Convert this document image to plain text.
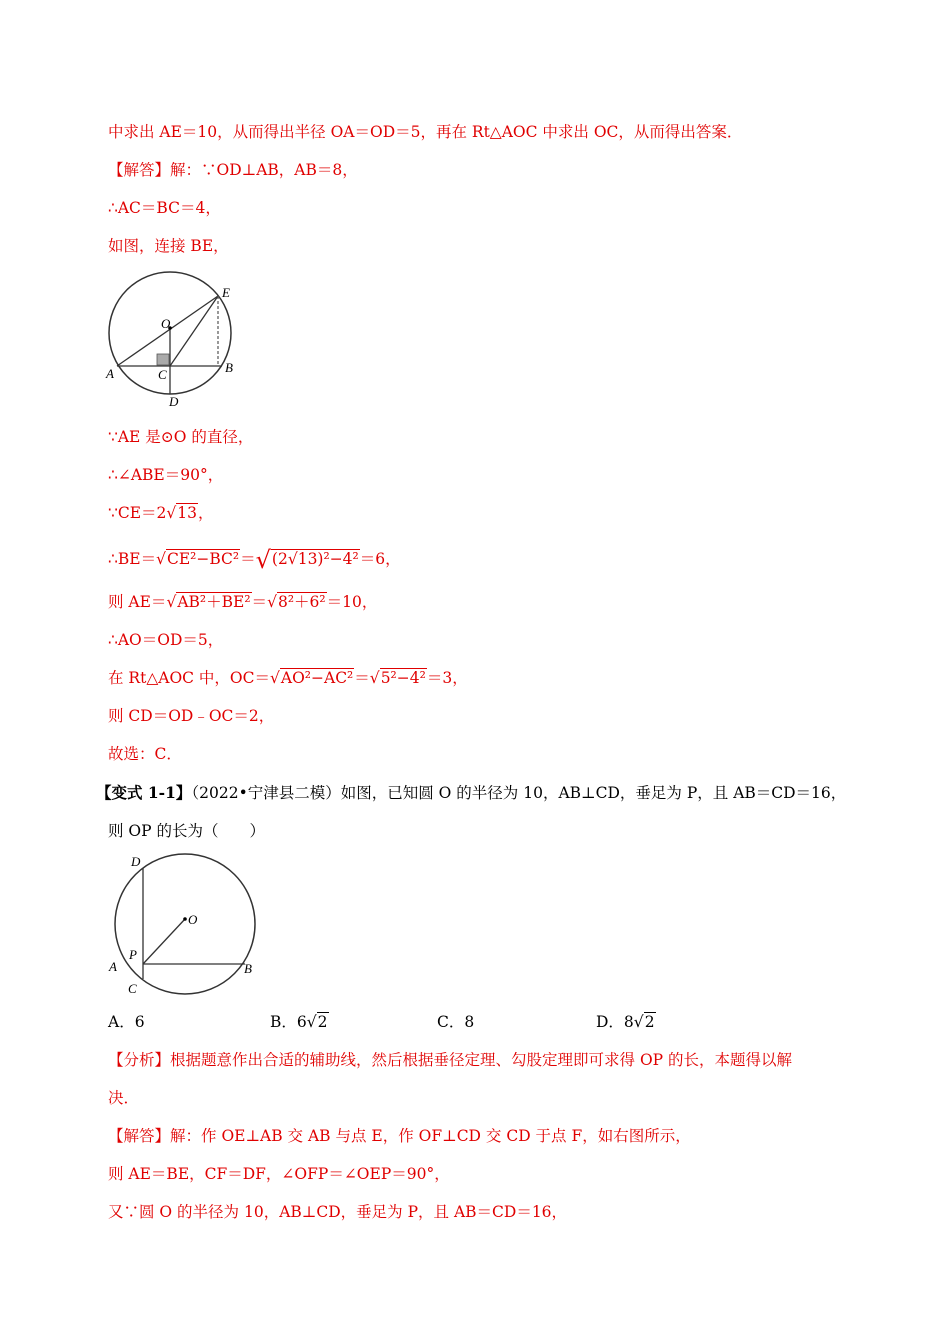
中求出 AE＝10，从而得出半径 OA＝OD＝5，再在 Rt△AOC 中求出 OC，从而得出答案．
【解答】解：∵OD⊥AB，AB＝8，
∴AC＝BC＝4，
如图，连接 BE，
E
O
A	C	B
D
∵AE 是⊙O 的直径，
∴∠ABE＝90°，
∵CE＝2√13，
∴BE＝√CE²−BC²＝√(2√13)²−4²＝6，
则 AE＝√AB²＋BE²＝√8²＋6²＝10，
∴AO＝OD＝5，
在 Rt△AOC 中，OC＝√AO²−AC²＝√5²−4²＝3，
则 CD＝OD﹣OC＝2，
故选：C．
【变式 1-1】（2022•宁津县二模）如图，已知圆 O 的半径为 10，AB⊥CD，垂足为 P，且 AB＝CD＝16，
则 OP 的长为（　　）
D
O
P
A	B
C
A．6	B．6√2	C．8	D．8√2
【分析】根据题意作出合适的辅助线，然后根据垂径定理、勾股定理即可求得 OP 的长，本题得以解
决．
【解答】解：作 OE⊥AB 交 AB 与点 E，作 OF⊥CD 交 CD 于点 F，如右图所示，
则 AE＝BE，CF＝DF，∠OFP＝∠OEP＝90°，
又∵圆 O 的半径为 10，AB⊥CD，垂足为 P，且 AB＝CD＝16，
